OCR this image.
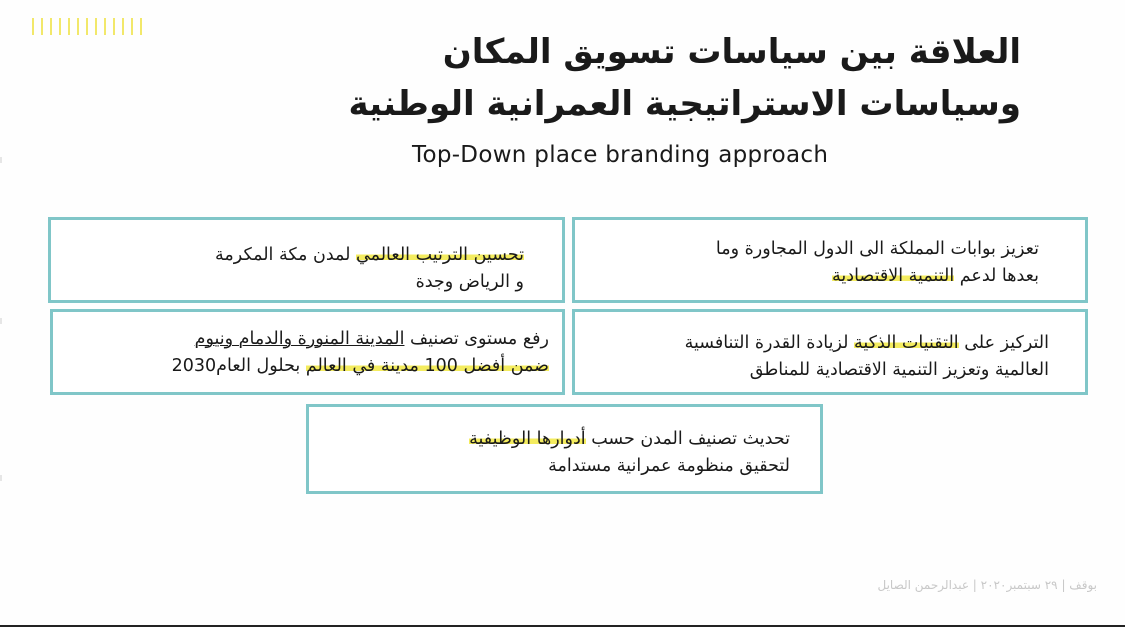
العلاقة بين سياسات تسويق المكان
وسياسات الاستراتيجية العمرانية الوطنية
Top-Down place branding approach
تعزيز بوابات المملكة الى الدول المجاورة وما
بعدها لدعم التنمية الاقتصادية
تحسين الترتيب العالمي لمدن مكة المكرمة
و الرياض وجدة
التركيز على التقنيات الذكية لزيادة القدرة التنافسية
العالمية وتعزيز التنمية الاقتصادية للمناطق
رفع مستوى تصنيف المدينة المنورة والدمام ونيوم
ضمن أفضل 100 مدينة في العالم بحلول العام2030
تحديث تصنيف المدن حسب أدوارها الوظيفية
لتحقيق منظومة عمرانية مستدامة
بوقف | ٢٩ سبتمبر٢٠٢٠ | عبدالرحمن الصايل
